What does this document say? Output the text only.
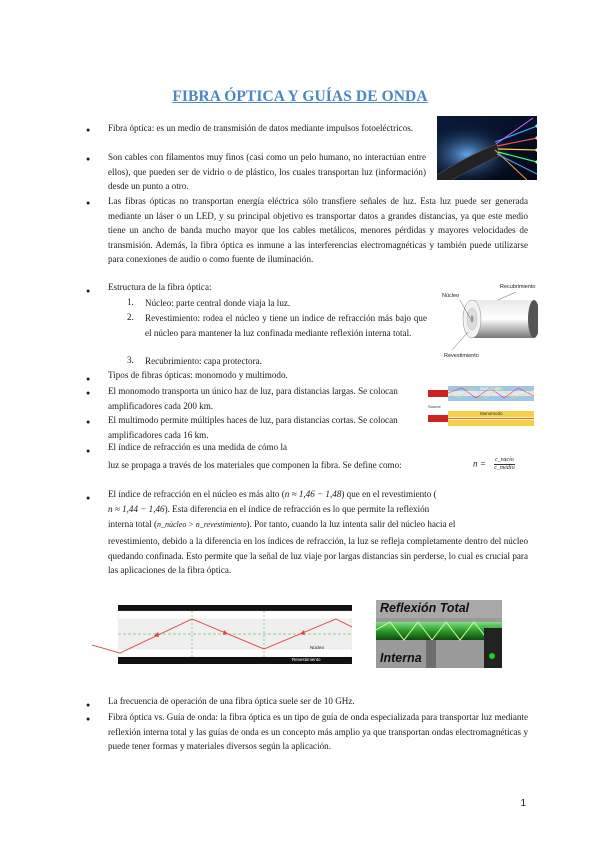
FIBRA ÓPTICA Y GUÍAS DE ONDA
● Fibra óptica: es un medio de transmisión de datos mediante impulsos fotoeléctricos.
● Son cables con filamentos muy finos (casi como un pelo humano, no interactúan entre ellos), que pueden ser de vidrio o de plástico, los cuales transportan luz (información) desde un punto a otro.
● Las fibras ópticas no transportan energía eléctrica sólo transfiere señales de luz. Esta luz puede ser generada mediante un láser o un LED, y su principal objetivo es transportar datos a grandes distancias, ya que este medio tiene un ancho de banda mucho mayor que los cables metálicos, menores pérdidas y mayores velocidades de transmisión. Además, la fibra óptica es inmune a las interferencias electromagnéticas y también puede utilizarse para conexiones de audio o como fuente de iluminación.
● Estructura de la fibra óptica:
1. Núcleo: parte central donde viaja la luz.
2. Revestimiento: rodea el núcleo y tiene un índice de refracción más bajo que el núcleo para mantener la luz confinada mediante reflexión interna total.
3. Recubrimiento: capa protectora.
Núcleo
Recubrimiento
Revestimiento
● Tipos de fibras ópticas: monomodo y multimodo.
● El monomodo transporta un único haz de luz, para distancias largas. Se colocan amplificadores cada 200 km.
Multimodo
Monomodo
Source
● El multimodo permite múltiples haces de luz, para distancias cortas. Se colocan amplificadores cada 16 km.
● El índice de refracción es una medida de cómo la
luz se propaga a través de los materiales que componen la fibra. Se define como:	$n = \frac{\text{c\_vacío}}{\text{c\_medio}}$
● El índice de refracción en el núcleo es más alto (n ≈ 1,46 − 1,48) que en el revestimiento (
n ≈ 1,44 − 1,46). Esta diferencia en el índice de refracción es lo que permite la reflexión
interna total (n_núcleo > n_revestimiento). Por tanto, cuando la luz intenta salir del núcleo hacia el
revestimiento, debido a la diferencia en los índices de refracción, la luz se refleja completamente dentro del núcleo quedando confinada. Esto permite que la señal de luz viaje por largas distancias sin perderse, lo cual es crucial para las aplicaciones de la fibra óptica.
Núcleo
Revestimiento
Reflexión Total
Interna
● La frecuencia de operación de una fibra óptica suele ser de 10 GHz.
● Fibra óptica vs. Guía de onda: la fibra óptica es un tipo de guía de onda especializada para transportar luz mediante reflexión interna total y las guías de onda es un concepto más amplio ya que transportan ondas electromagnéticas y puede tener formas y materiales diversos según la aplicación.
1
